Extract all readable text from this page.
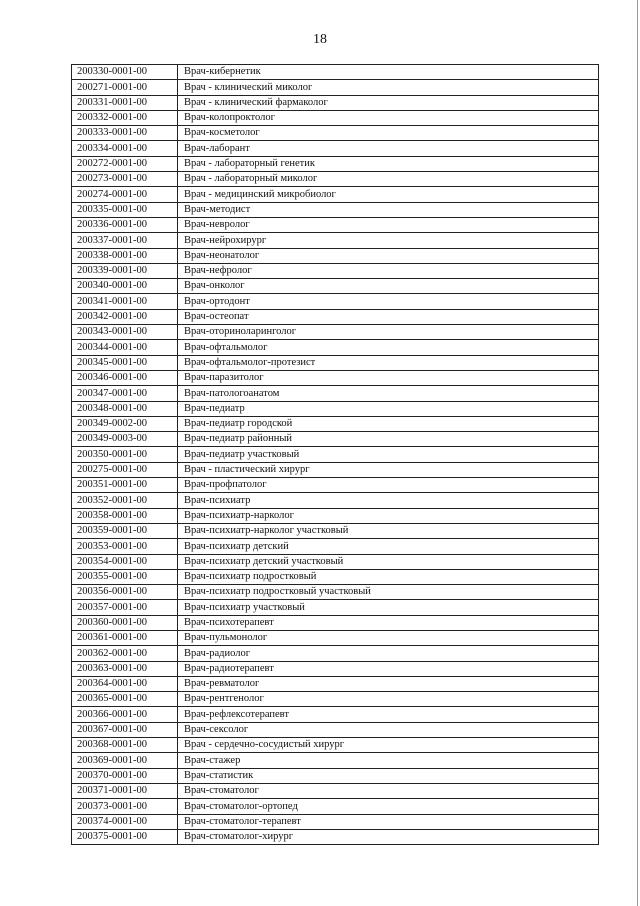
18
200330-0001-00	Врач-кибернетик
200271-0001-00	Врач - клинический миколог
200331-0001-00	Врач - клинический фармаколог
200332-0001-00	Врач-колопроктолог
200333-0001-00	Врач-косметолог
200334-0001-00	Врач-лаборант
200272-0001-00	Врач - лабораторный генетик
200273-0001-00	Врач - лабораторный миколог
200274-0001-00	Врач - медицинский микробиолог
200335-0001-00	Врач-методист
200336-0001-00	Врач-невролог
200337-0001-00	Врач-нейрохирург
200338-0001-00	Врач-неонатолог
200339-0001-00	Врач-нефролог
200340-0001-00	Врач-онколог
200341-0001-00	Врач-ортодонт
200342-0001-00	Врач-остеопат
200343-0001-00	Врач-оториноларинголог
200344-0001-00	Врач-офтальмолог
200345-0001-00	Врач-офтальмолог-протезист
200346-0001-00	Врач-паразитолог
200347-0001-00	Врач-патологоанатом
200348-0001-00	Врач-педиатр
200349-0002-00	Врач-педиатр городской
200349-0003-00	Врач-педиатр районный
200350-0001-00	Врач-педиатр участковый
200275-0001-00	Врач - пластический хирург
200351-0001-00	Врач-профпатолог
200352-0001-00	Врач-психиатр
200358-0001-00	Врач-психиатр-нарколог
200359-0001-00	Врач-психиатр-нарколог участковый
200353-0001-00	Врач-психиатр детский
200354-0001-00	Врач-психиатр детский участковый
200355-0001-00	Врач-психиатр подростковый
200356-0001-00	Врач-психиатр подростковый участковый
200357-0001-00	Врач-психиатр участковый
200360-0001-00	Врач-психотерапевт
200361-0001-00	Врач-пульмонолог
200362-0001-00	Врач-радиолог
200363-0001-00	Врач-радиотерапевт
200364-0001-00	Врач-ревматолог
200365-0001-00	Врач-рентгенолог
200366-0001-00	Врач-рефлексотерапевт
200367-0001-00	Врач-сексолог
200368-0001-00	Врач - сердечно-сосудистый хирург
200369-0001-00	Врач-стажер
200370-0001-00	Врач-статистик
200371-0001-00	Врач-стоматолог
200373-0001-00	Врач-стоматолог-ортопед
200374-0001-00	Врач-стоматолог-терапевт
200375-0001-00	Врач-стоматолог-хирург
